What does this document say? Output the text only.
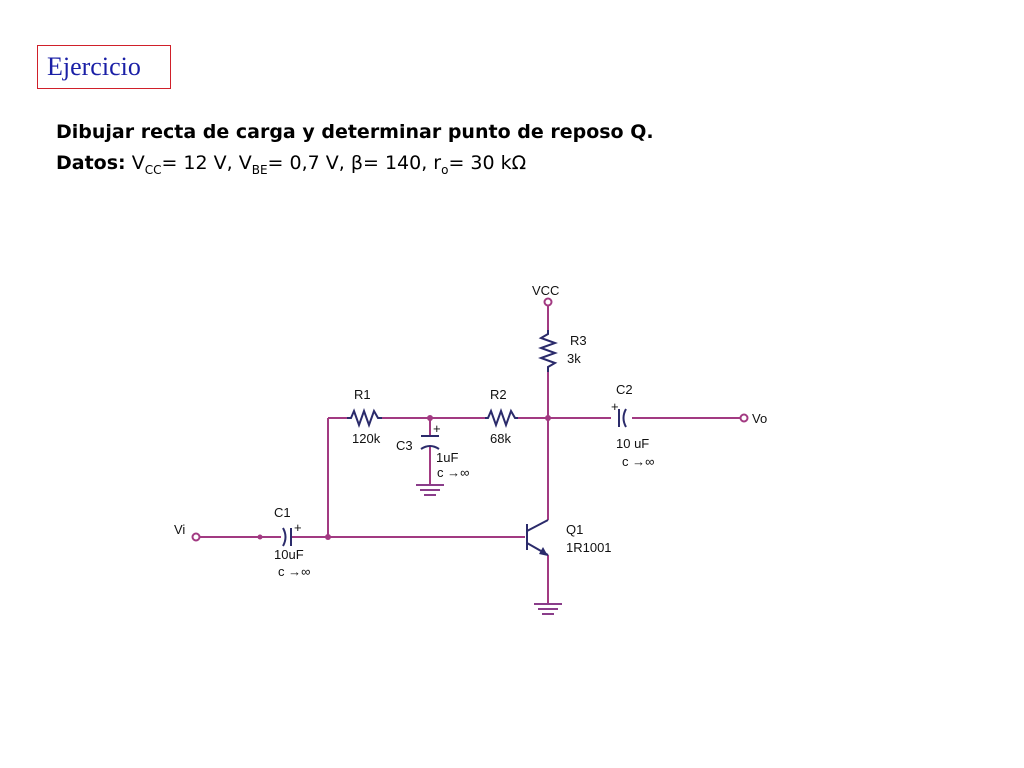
Ejercicio
Dibujar recta de carga y determinar punto de reposo Q.
Datos: $V_{CC}= 12$ V, $V_{BE}= 0,7$ V, β= 140, $r_o= 30$ kΩ
VCC
R3
3k
R1
120k
R2
68k
+
C3
1uF
c →∞
+
C2
10 uF
c →∞
Vo
+
C1
10uF
c →∞
Vi	Q1
1R1001
